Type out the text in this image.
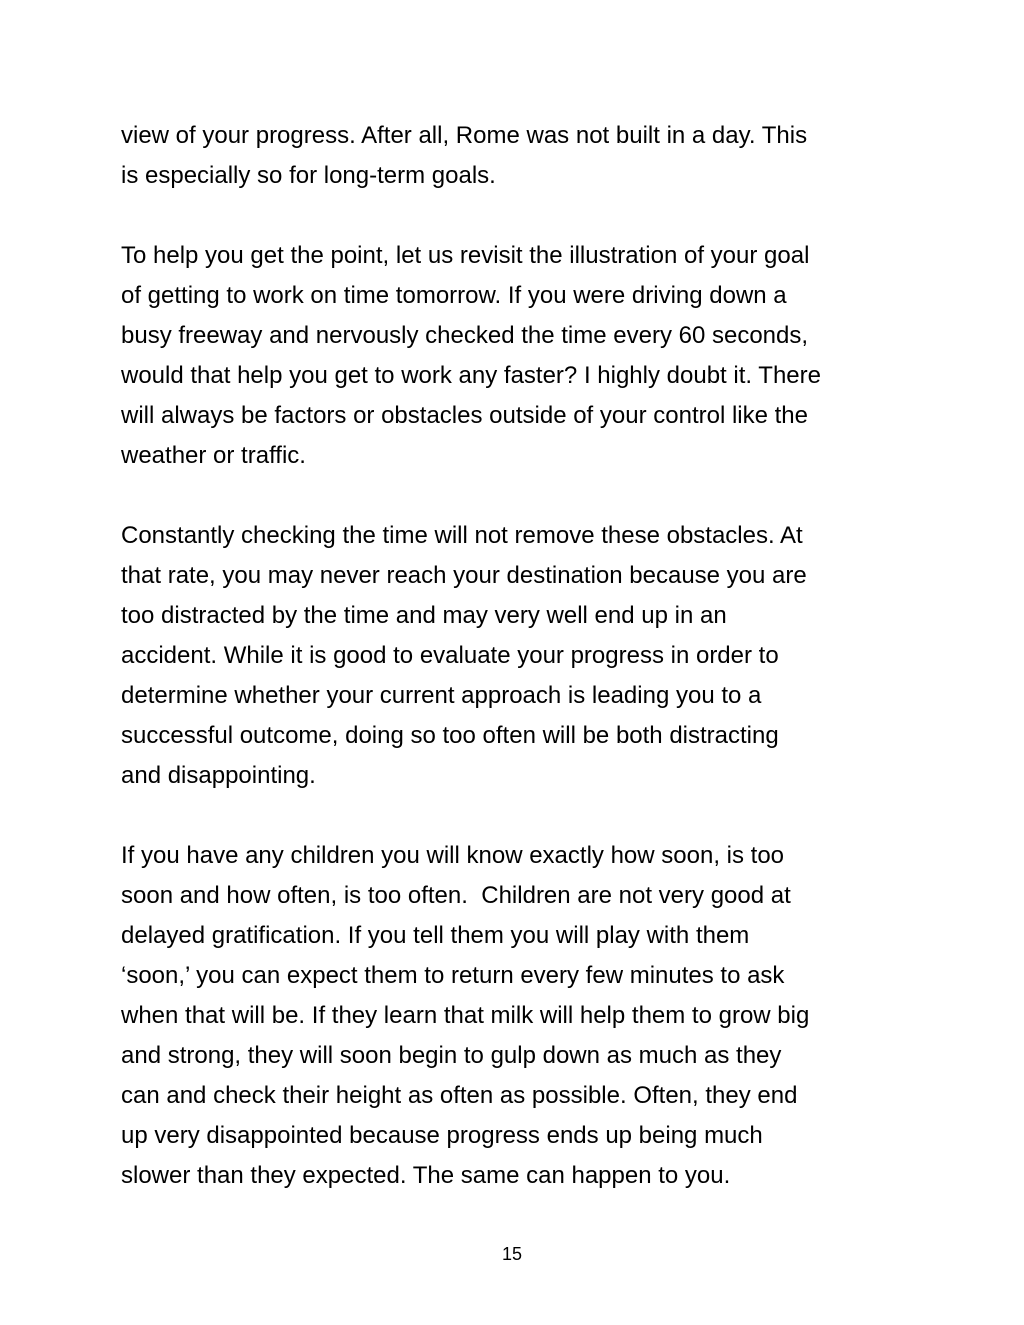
view of your progress. After all, Rome was not built in a day. This

is especially so for long-term goals.

To help you get the point, let us revisit the illustration of your goal

of getting to work on time tomorrow. If you were driving down a

busy freeway and nervously checked the time every 60 seconds,

would that help you get to work any faster? I highly doubt it. There

will always be factors or obstacles outside of your control like the

weather or traffic.

Constantly checking the time will not remove these obstacles. At

that rate, you may never reach your destination because you are

too distracted by the time and may very well end up in an

accident. While it is good to evaluate your progress in order to

determine whether your current approach is leading you to a

successful outcome, doing so too often will be both distracting

and disappointing.

If you have any children you will know exactly how soon, is too

soon and how often, is too often.  Children are not very good at

delayed gratification. If you tell them you will play with them

‘soon,’ you can expect them to return every few minutes to ask

when that will be. If they learn that milk will help them to grow big

and strong, they will soon begin to gulp down as much as they

can and check their height as often as possible. Often, they end

up very disappointed because progress ends up being much

slower than they expected. The same can happen to you.

15
